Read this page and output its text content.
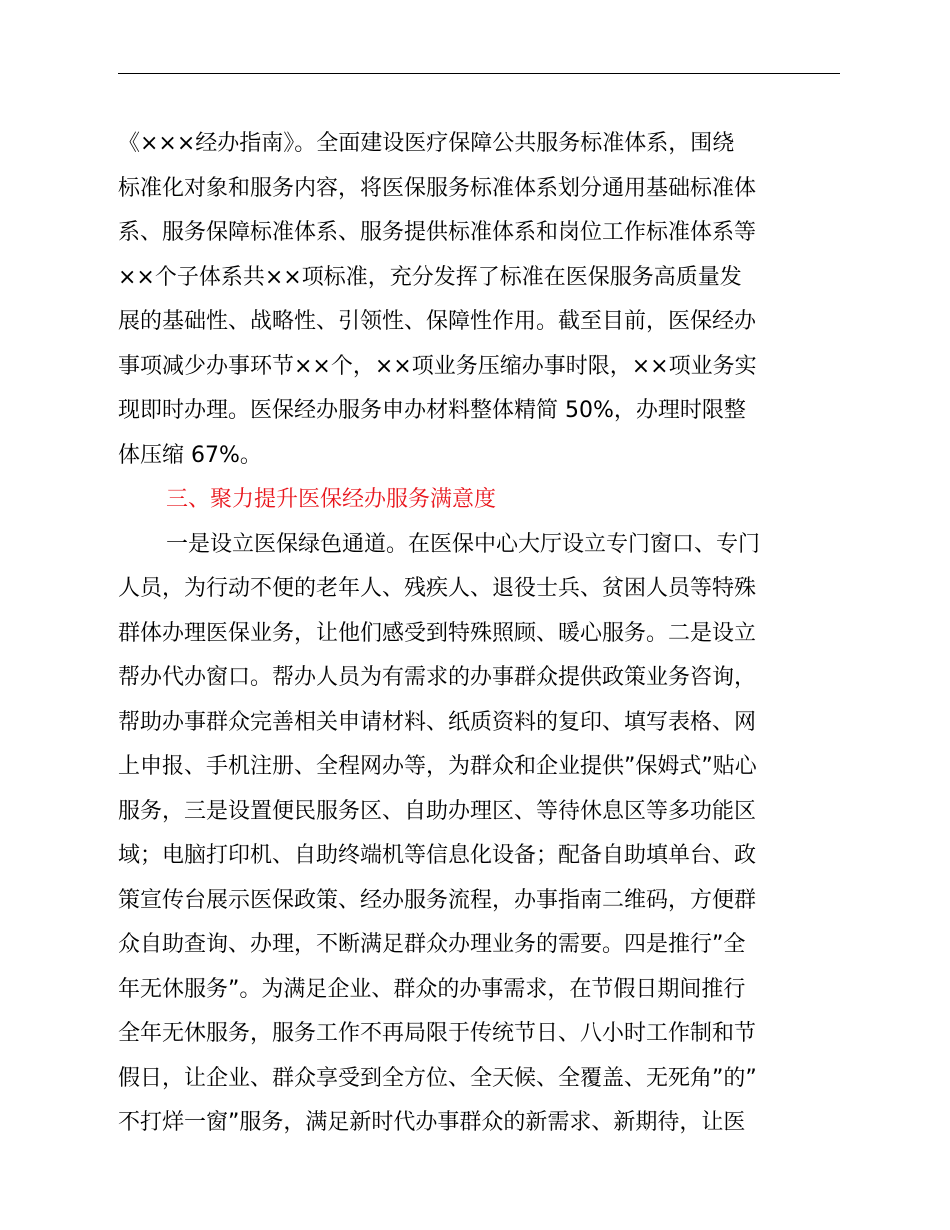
《×××经办指南》。全面建设医疗保障公共服务标准体系，围绕
标准化对象和服务内容，将医保服务标准体系划分通用基础标准体
系、服务保障标准体系、服务提供标准体系和岗位工作标准体系等
××个子体系共××项标准，充分发挥了标准在医保服务高质量发
展的基础性、战略性、引领性、保障性作用。截至目前，医保经办
事项减少办事环节××个，××项业务压缩办事时限，××项业务实
现即时办理。医保经办服务申办材料整体精简 50%，办理时限整
体压缩 67%。
三、聚力提升医保经办服务满意度
一是设立医保绿色通道。在医保中心大厅设立专门窗口、专门
人员，为行动不便的老年人、残疾人、退役士兵、贫困人员等特殊
群体办理医保业务，让他们感受到特殊照顾、暖心服务。二是设立
帮办代办窗口。帮办人员为有需求的办事群众提供政策业务咨询，
帮助办事群众完善相关申请材料、纸质资料的复印、填写表格、网
上申报、手机注册、全程网办等，为群众和企业提供”保姆式”贴心
服务，三是设置便民服务区、自助办理区、等待休息区等多功能区
域；电脑打印机、自助终端机等信息化设备；配备自助填单台、政
策宣传台展示医保政策、经办服务流程，办事指南二维码，方便群
众自助查询、办理，不断满足群众办理业务的需要。四是推行”全
年无休服务”。为满足企业、群众的办事需求，在节假日期间推行
全年无休服务，服务工作不再局限于传统节日、八小时工作制和节
假日，让企业、群众享受到全方位、全天候、全覆盖、无死角”的”
不打烊一窗”服务，满足新时代办事群众的新需求、新期待，让医
